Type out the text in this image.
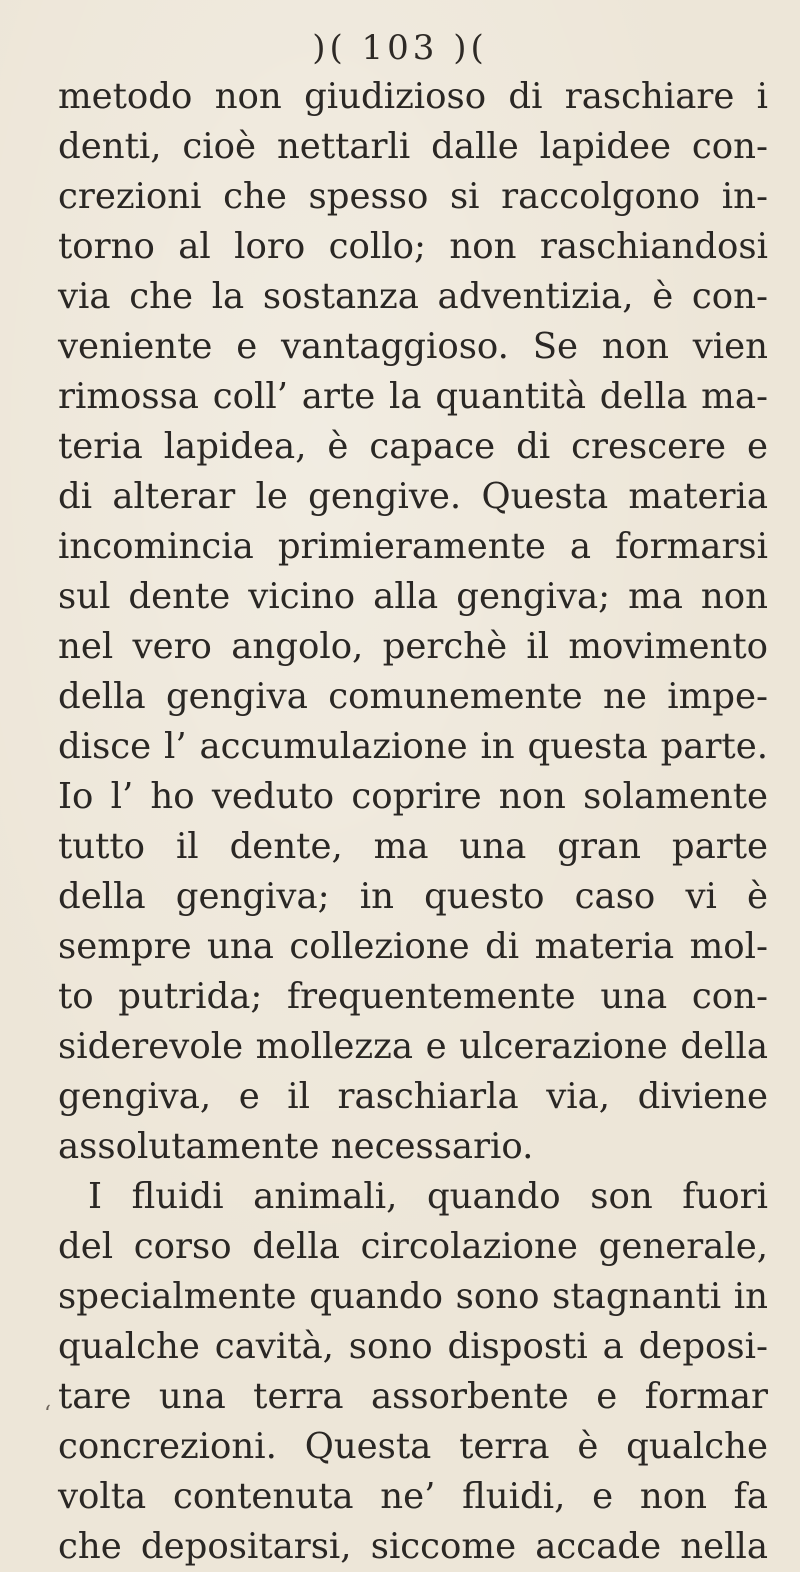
)( 103 )(
metodo non giudizioso di raschiare i
denti, cioè nettarli dalle lapidee con-
crezioni che spesso si raccolgono in-
torno al loro collo; non raschiandosi
via che la sostanza adventizia, è con-
veniente e vantaggioso. Se non vien
rimossa coll’ arte la quantità della ma-
teria lapidea, è capace di crescere e
di alterar le gengive. Questa materia
incomincia primieramente a formarsi
sul dente vicino alla gengiva; ma non
nel vero angolo, perchè il movimento
della gengiva comunemente ne impe-
disce l’ accumulazione in questa parte.
Io l’ ho veduto coprire non solamente
tutto il dente, ma una gran parte
della gengiva; in questo caso vi è
sempre una collezione di materia mol-
to putrida; frequentemente una con-
siderevole mollezza e ulcerazione della
gengiva, e il raschiarla via, diviene
assolutamente necessario.
I fluidi animali, quando son fuori
del corso della circolazione generale,
specialmente quando sono stagnanti in
qualche cavità, sono disposti a deposi-
tare una terra assorbente e formar
concrezioni. Questa terra è qualche
volta contenuta ne’ fluidi, e non fa
che depositarsi, siccome accade nella
‘
